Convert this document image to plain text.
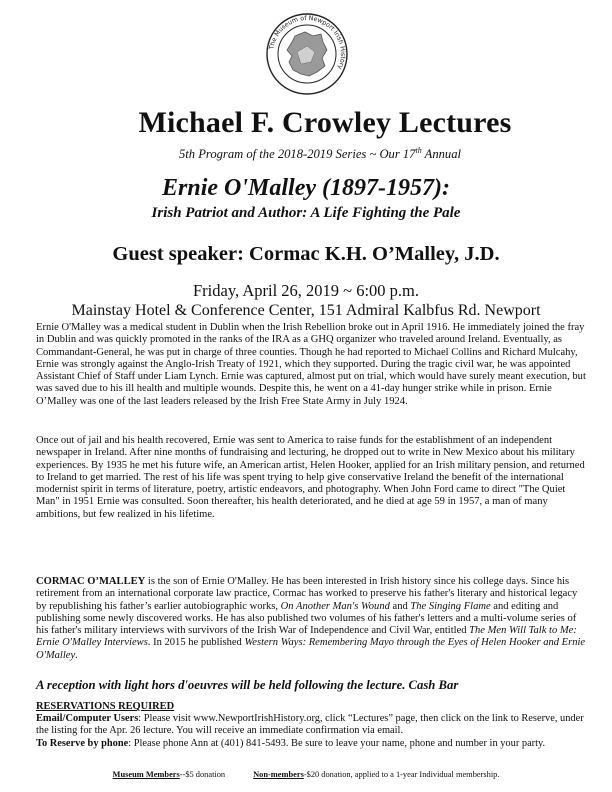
The Museum of Newport Irish History
Michael F. Crowley Lectures
5th Program of the 2018-2019 Series ~ Our 17th Annual
Ernie O'Malley (1897-1957):
Irish Patriot and Author: A Life Fighting the Pale
Guest speaker: Cormac K.H. O’Malley, J.D.
Friday, April 26, 2019 ~ 6:00 p.m.
Mainstay Hotel & Conference Center, 151 Admiral Kalbfus Rd. Newport
Ernie O'Malley was a medical student in Dublin when the Irish Rebellion broke out in April 1916. He immediately joined the fray in Dublin and was quickly promoted in the ranks of the IRA as a GHQ organizer who traveled around Ireland. Eventually, as Commandant-General, he was put in charge of three counties. Though he had reported to Michael Collins and Richard Mulcahy, Ernie was strongly against the Anglo-Irish Treaty of 1921, which they supported. During the tragic civil war, he was appointed Assistant Chief of Staff under Liam Lynch. Ernie was captured, almost put on trial, which would have surely meant execution, but was saved due to his ill health and multiple wounds. Despite this, he went on a 41-day hunger strike while in prison. Ernie O’Malley was one of the last leaders released by the Irish Free State Army in July 1924.
Once out of jail and his health recovered, Ernie was sent to America to raise funds for the establishment of an independent newspaper in Ireland. After nine months of fundraising and lecturing, he dropped out to write in New Mexico about his military experiences. By 1935 he met his future wife, an American artist, Helen Hooker, applied for an Irish military pension, and returned to Ireland to get married. The rest of his life was spent trying to help give conservative Ireland the benefit of the international modernist spirit in terms of literature, poetry, artistic endeavors, and photography. When John Ford came to direct "The Quiet Man" in 1951 Ernie was consulted. Soon thereafter, his health deteriorated, and he died at age 59 in 1957, a man of many ambitions, but few realized in his lifetime.
CORMAC O’MALLEY is the son of Ernie O'Malley. He has been interested in Irish history since his college days. Since his retirement from an international corporate law practice, Cormac has worked to preserve his father's literary and historical legacy by republishing his father’s earlier autobiographic works, On Another Man's Wound and The Singing Flame and editing and publishing some newly discovered works. He has also published two volumes of his father's letters and a multi-volume series of his father's military interviews with survivors of the Irish War of Independence and Civil War, entitled The Men Will Talk to Me: Ernie O'Malley Interviews. In 2015 he published Western Ways: Remembering Mayo through the Eyes of Helen Hooker and Ernie O'Malley.
A reception with light hors d'oeuvres will be held following the lecture. Cash Bar
RESERVATIONS REQUIRED
Email/Computer Users: Please visit www.NewportIrishHistory.org, click “Lectures” page, then click on the link to Reserve, under the listing for the Apr. 26 lecture. You will receive an immediate confirmation via email.
To Reserve by phone: Please phone Ann at (401) 841-5493. Be sure to leave your name, phone and number in your party.
Museum Members--$5 donation	Non-members-$20 donation, applied to a 1-year Individual membership.
